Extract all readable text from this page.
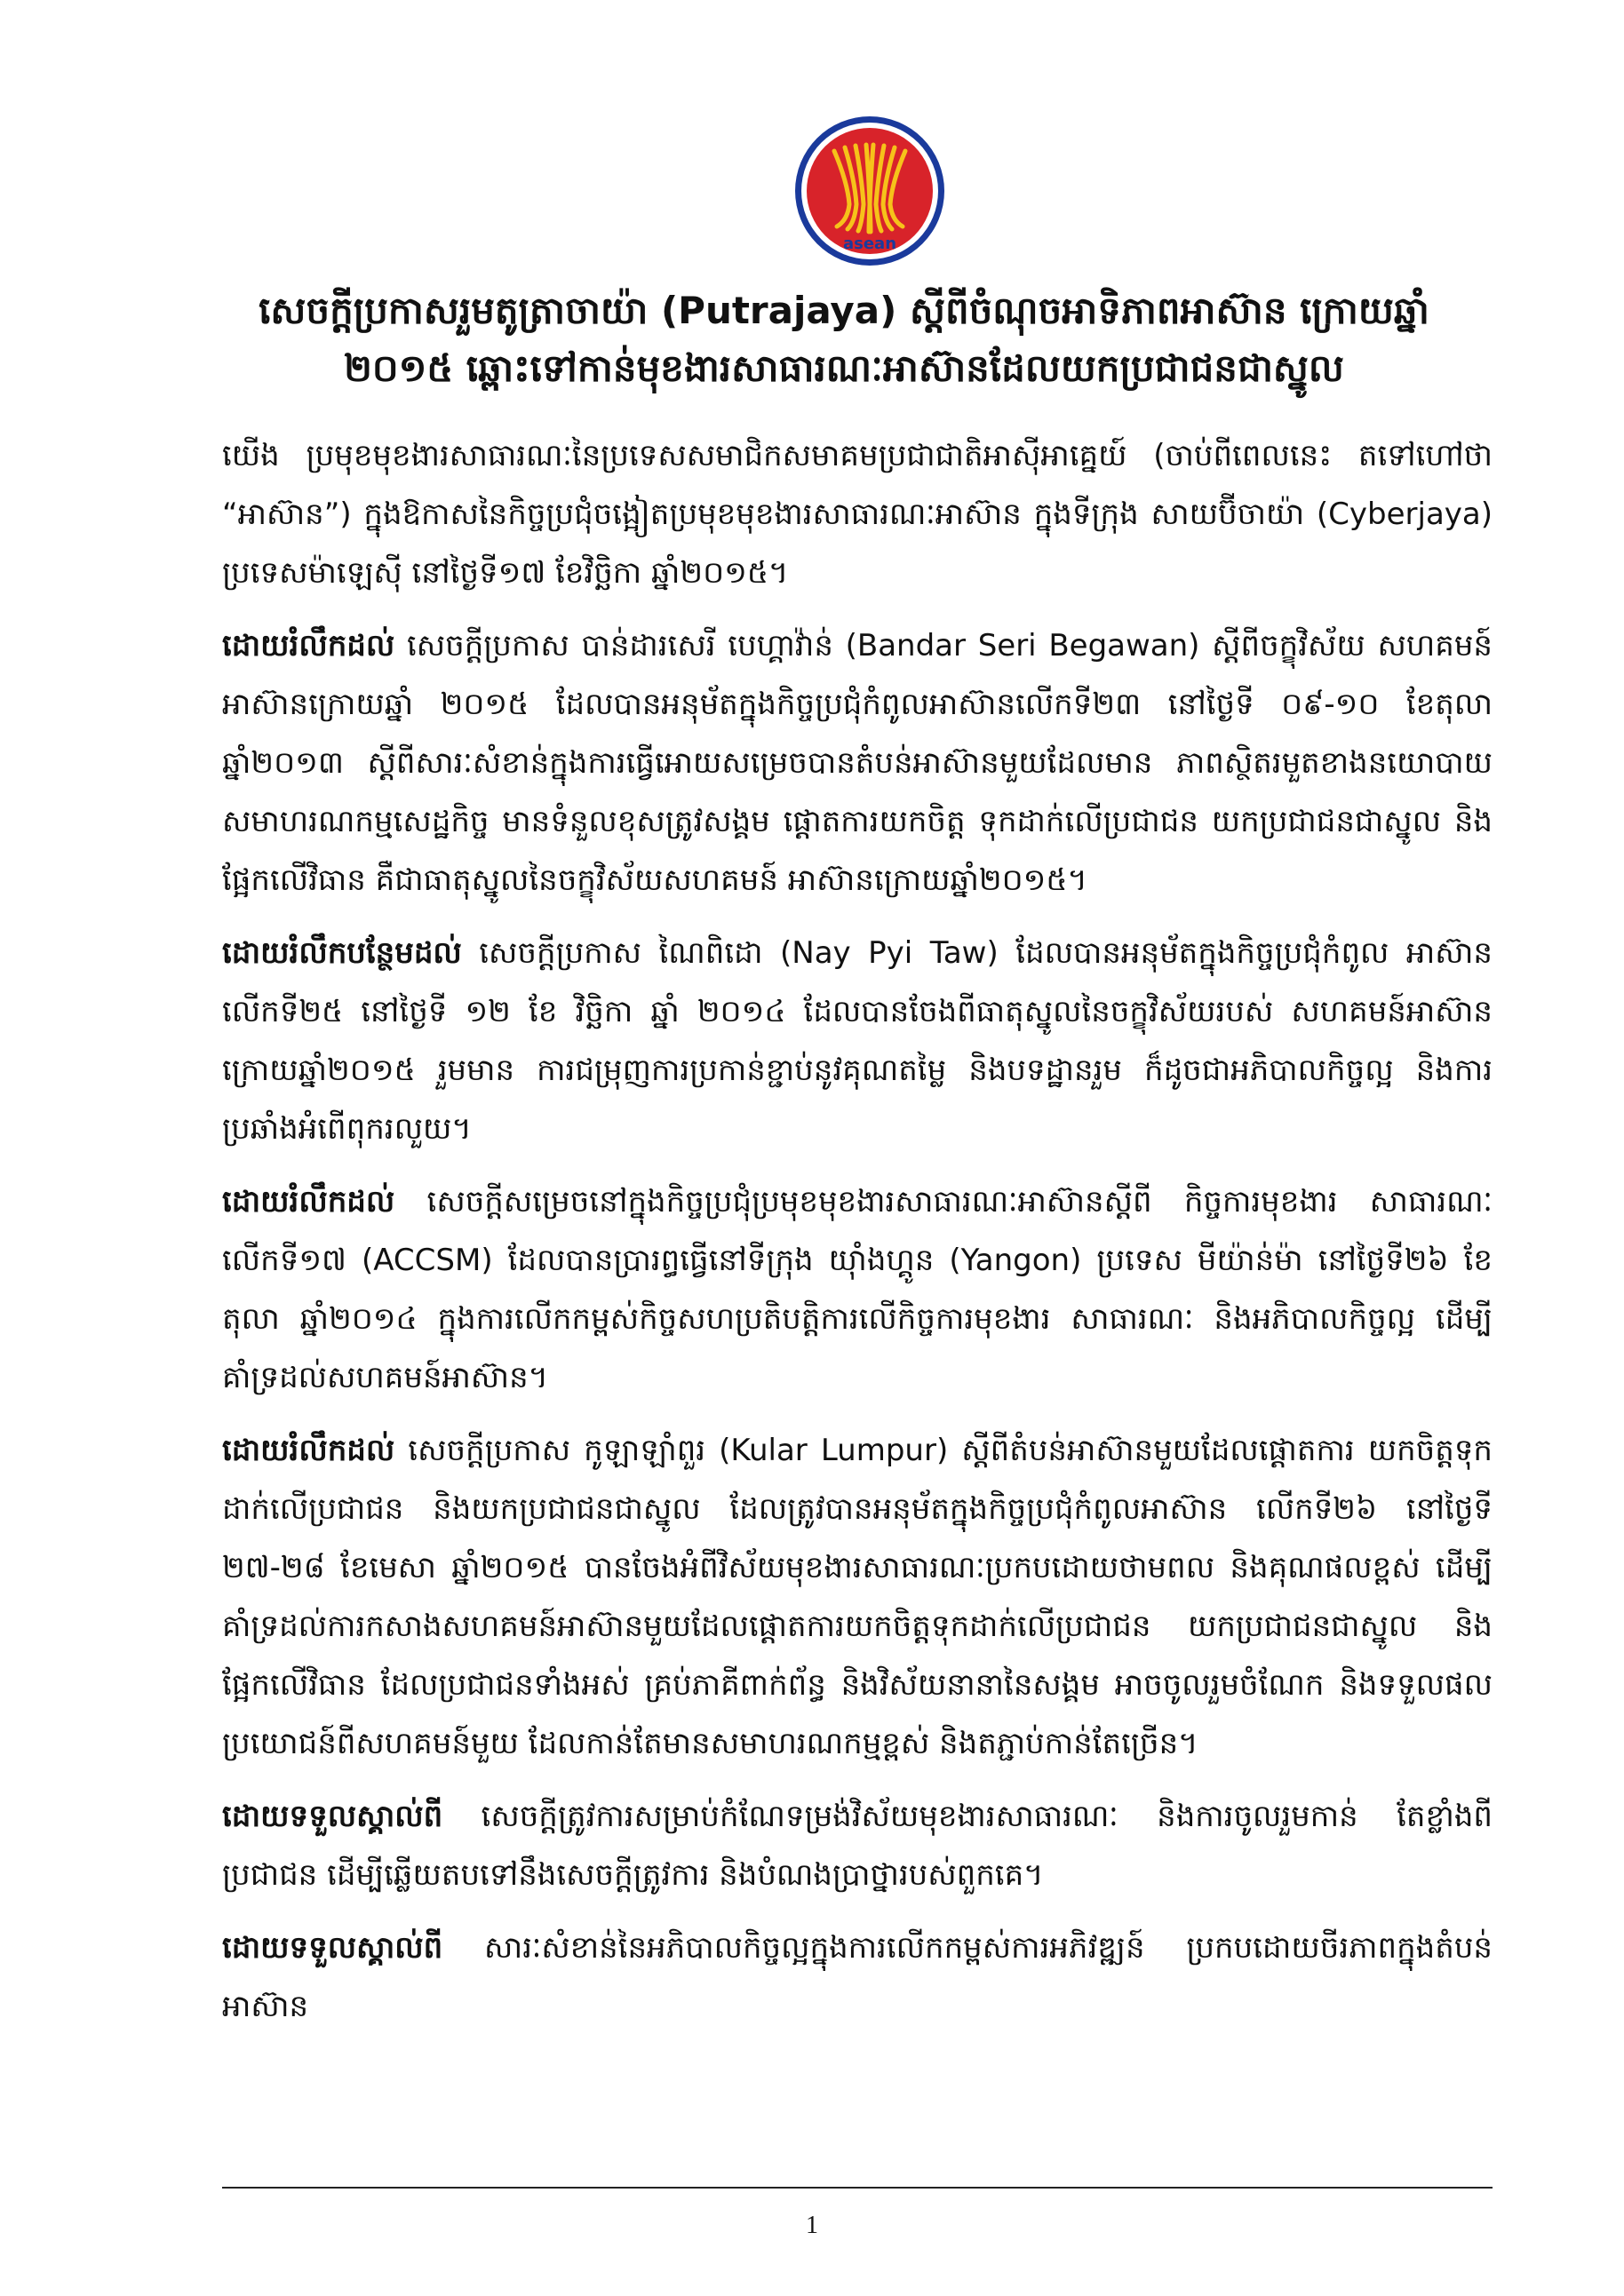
asean
សេចក្តីប្រកាសរួមតូត្រាចាយ៉ា (Putrajaya) ស្តីពីចំណុចអាទិភាពអាស៊ាន ក្រោយឆ្នាំ
២០១៥ ឆ្ពោះទៅកាន់មុខងារសាធារណៈអាស៊ានដែលយកប្រជាជនជាស្នូល

យើង ប្រមុខមុខងារសាធារណៈនៃប្រទេសសមាជិកសមាគមប្រជាជាតិអាស៊ីអាគ្នេយ៍ (ចាប់ពីពេលនេះ តទៅហៅថា “អាស៊ាន”) ក្នុងឱកាសនៃកិច្ចប្រជុំចង្អៀតប្រមុខមុខងារសាធារណៈអាស៊ាន ក្នុងទីក្រុង សាយប៊ីចាយ៉ា (Cyberjaya) ប្រទេសម៉ាឡេស៊ី នៅថ្ងៃទី១៧ ខែវិច្ឆិកា ឆ្នាំ២០១៥។

ដោយរំលឹកដល់ សេចក្តីប្រកាស បាន់ដារសេរី បេហ្គាវ៉ាន់ (Bandar Seri Begawan) ស្តីពីចក្ខុវិស័យ សហគមន៍អាស៊ានក្រោយឆ្នាំ ២០១៥ ដែលបានអនុម័តក្នុងកិច្ចប្រជុំកំពូលអាស៊ានលើកទី២៣ នៅថ្ងៃទី ០៩-១០ ខែតុលា ឆ្នាំ២០១៣ ស្តីពីសារៈសំខាន់ក្នុងការធ្វើអោយសម្រេចបានតំបន់អាស៊ានមួយដែលមាន ភាពស្ថិតរមួតខាងនយោបាយ សមាហរណកម្មសេដ្ឋកិច្ច មានទំនួលខុសត្រូវសង្គម ផ្តោតការយកចិត្ត ទុកដាក់លើប្រជាជន យកប្រជាជនជាស្នូល និងផ្អែកលើវិធាន គឺជាធាតុស្នូលនៃចក្ខុវិស័យសហគមន៍ អាស៊ានក្រោយឆ្នាំ២០១៥។

ដោយរំលឹកបន្ថែមដល់ សេចក្តីប្រកាស ណៃពិដោ (Nay Pyi Taw) ដែលបានអនុម័តក្នុងកិច្ចប្រជុំកំពូល អាស៊ានលើកទី២៥ នៅថ្ងៃទី ១២ ខែ វិច្ឆិកា ឆ្នាំ ២០១៤ ដែលបានចែងពីធាតុស្នូលនៃចក្ខុវិស័យរបស់ សហគមន៍អាស៊ានក្រោយឆ្នាំ២០១៥ រួមមាន ការជម្រុញការប្រកាន់ខ្ជាប់នូវគុណតម្លៃ និងបទដ្ឋានរួម ក៏ដូចជាអភិបាលកិច្ចល្អ និងការប្រឆាំងអំពើពុករលួយ។

ដោយរំលឹកដល់ សេចក្តីសម្រេចនៅក្នុងកិច្ចប្រជុំប្រមុខមុខងារសាធារណៈអាស៊ានស្តីពី កិច្ចការមុខងារ សាធារណៈ លើកទី១៧ (ACCSM) ដែលបានប្រារព្ធធ្វើនៅទីក្រុង យ៉ាំងហ្គូន (Yangon) ប្រទេស មីយ៉ាន់ម៉ា នៅថ្ងៃទី២៦ ខែតុលា ឆ្នាំ២០១៤ ក្នុងការលើកកម្ពស់កិច្ចសហប្រតិបត្តិការលើកិច្ចការមុខងារ សាធារណៈ និងអភិបាលកិច្ចល្អ ដើម្បីគាំទ្រដល់សហគមន៍អាស៊ាន។

ដោយរំលឹកដល់ សេចក្តីប្រកាស កូឡាឡាំពួរ (Kular Lumpur) ស្តីពីតំបន់អាស៊ានមួយដែលផ្តោតការ យកចិត្តទុកដាក់លើប្រជាជន និងយកប្រជាជនជាស្នូល ដែលត្រូវបានអនុម័តក្នុងកិច្ចប្រជុំកំពូលអាស៊ាន លើកទី២៦ នៅថ្ងៃទី ២៧-២៨ ខែមេសា ឆ្នាំ២០១៥ បានចែងអំពីវិស័យមុខងារសាធារណៈប្រកបដោយថាមពល និងគុណផលខ្ពស់ ដើម្បីគាំទ្រដល់ការកសាងសហគមន៍អាស៊ានមួយដែលផ្តោតការយកចិត្តទុកដាក់លើប្រជាជន យកប្រជាជនជាស្នូល និងផ្អែកលើវិធាន ដែលប្រជាជនទាំងអស់ គ្រប់ភាគីពាក់ព័ន្ធ និងវិស័យនានានៃសង្គម អាចចូលរួមចំណែក និងទទួលផលប្រយោជន៍ពីសហគមន៍មួយ ដែលកាន់តែមានសមាហរណកម្មខ្ពស់ និងតភ្ជាប់កាន់តែច្រើន។

ដោយទទួលស្គាល់ពី សេចក្តីត្រូវការសម្រាប់កំណែទម្រង់វិស័យមុខងារសាធារណៈ និងការចូលរួមកាន់ តែខ្លាំងពីប្រជាជន ដើម្បីឆ្លើយតបទៅនឹងសេចក្តីត្រូវការ និងបំណងប្រាថ្នារបស់ពួកគេ។

ដោយទទួលស្គាល់ពី សារៈសំខាន់នៃអភិបាលកិច្ចល្អក្នុងការលើកកម្ពស់ការអភិវឌ្ឍន៍ ប្រកបដោយចីរភាពក្នុងតំបន់អាស៊ាន

1
